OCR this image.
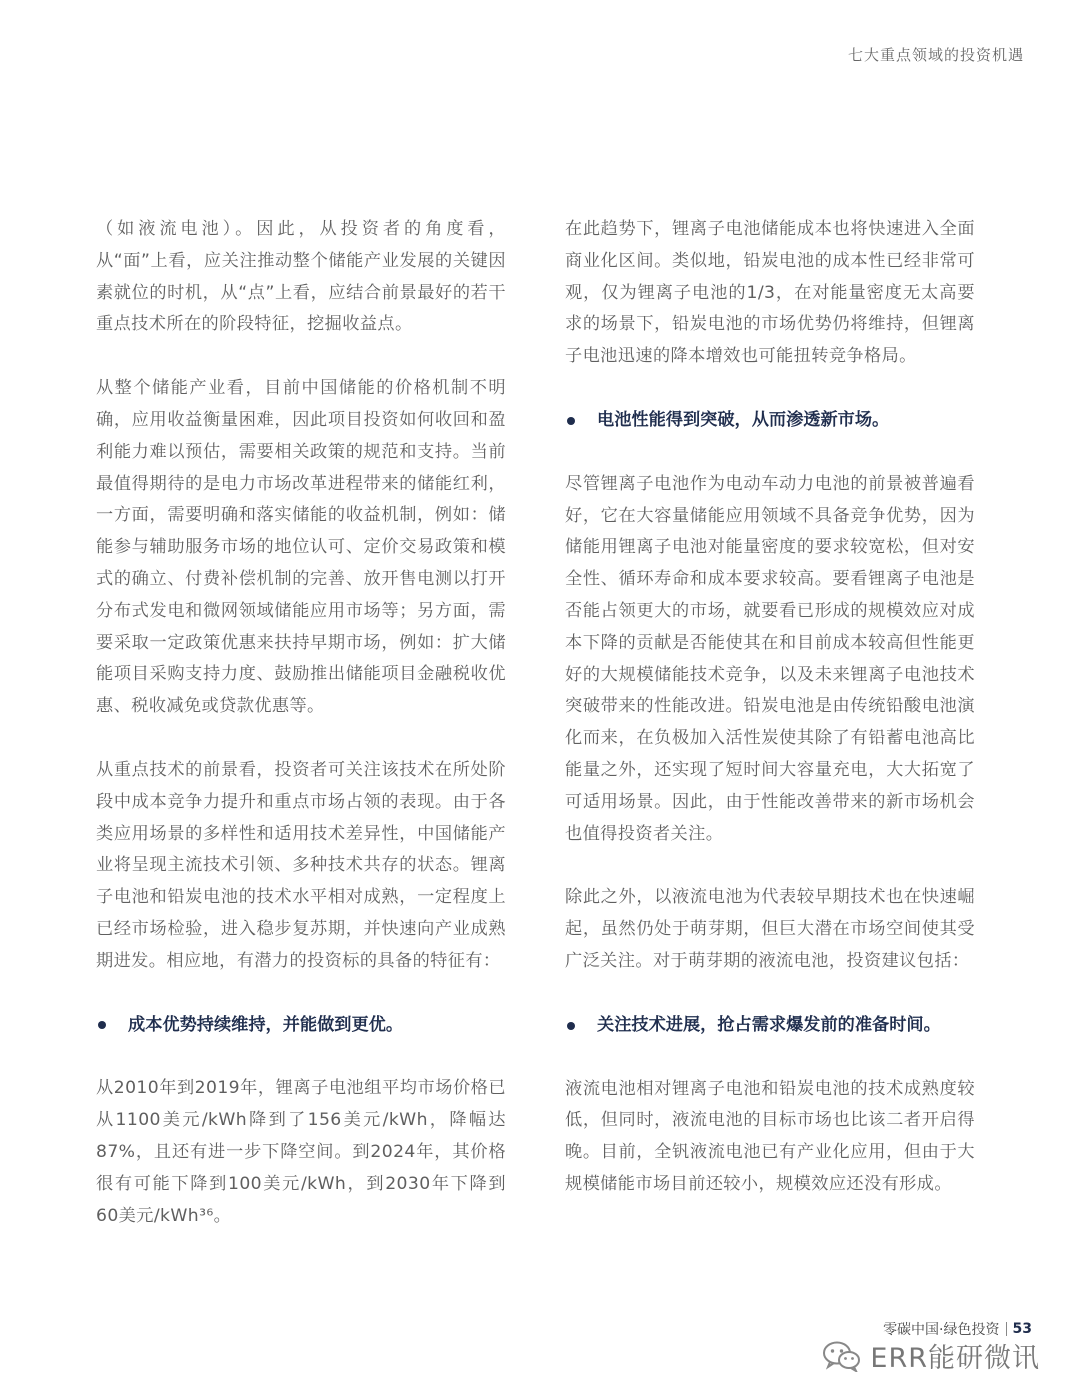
七大重点领域的投资机遇

（如液流电池）。因此，从投资者的角度看，从“面”上看，应关注推动整个储能产业发展的关键因素就位的时机，从“点”上看，应结合前景最好的若干重点技术所在的阶段特征，挖掘收益点。

从整个储能产业看，目前中国储能的价格机制不明确，应用收益衡量困难，因此项目投资如何收回和盈利能力难以预估，需要相关政策的规范和支持。当前最值得期待的是电力市场改革进程带来的储能红利，一方面，需要明确和落实储能的收益机制，例如：储能参与辅助服务市场的地位认可、定价交易政策和模式的确立、付费补偿机制的完善、放开售电测以打开分布式发电和微网领域储能应用市场等；另方面，需要采取一定政策优惠来扶持早期市场，例如：扩大储能项目采购支持力度、鼓励推出储能项目金融税收优惠、税收减免或贷款优惠等。

从重点技术的前景看，投资者可关注该技术在所处阶段中成本竞争力提升和重点市场占领的表现。由于各类应用场景的多样性和适用技术差异性，中国储能产业将呈现主流技术引领、多种技术共存的状态。锂离子电池和铅炭电池的技术水平相对成熟，一定程度上已经市场检验，进入稳步复苏期，并快速向产业成熟期进发。相应地，有潜力的投资标的具备的特征有：

成本优势持续维持，并能做到更优。

从2010年到2019年，锂离子电池组平均市场价格已从1100美元/kWh降到了156美元/kWh，降幅达87%，且还有进一步下降空间。到2024年，其价格很有可能下降到100美元/kWh，到2030年下降到60美元/kWh³⁶。

在此趋势下，锂离子电池储能成本也将快速进入全面商业化区间。类似地，铅炭电池的成本性已经非常可观，仅为锂离子电池的1/3，在对能量密度无太高要求的场景下，铅炭电池的市场优势仍将维持，但锂离子电池迅速的降本增效也可能扭转竞争格局。

电池性能得到突破，从而渗透新市场。

尽管锂离子电池作为电动车动力电池的前景被普遍看好，它在大容量储能应用领域不具备竞争优势，因为储能用锂离子电池对能量密度的要求较宽松，但对安全性、循环寿命和成本要求较高。要看锂离子电池是否能占领更大的市场，就要看已形成的规模效应对成本下降的贡献是否能使其在和目前成本较高但性能更好的大规模储能技术竞争，以及未来锂离子电池技术突破带来的性能改进。铅炭电池是由传统铅酸电池演化而来，在负极加入活性炭使其除了有铅蓄电池高比能量之外，还实现了短时间大容量充电，大大拓宽了可适用场景。因此，由于性能改善带来的新市场机会也值得投资者关注。

除此之外，以液流电池为代表较早期技术也在快速崛起，虽然仍处于萌芽期，但巨大潜在市场空间使其受广泛关注。对于萌芽期的液流电池，投资建议包括：

关注技术进展，抢占需求爆发前的准备时间。

液流电池相对锂离子电池和铅炭电池的技术成熟度较低，但同时，液流电池的目标市场也比该二者开启得晚。目前，全钒液流电池已有产业化应用，但由于大规模储能市场目前还较小，规模效应还没有形成。

零碳中国·绿色投资 53
ERR能研微讯
